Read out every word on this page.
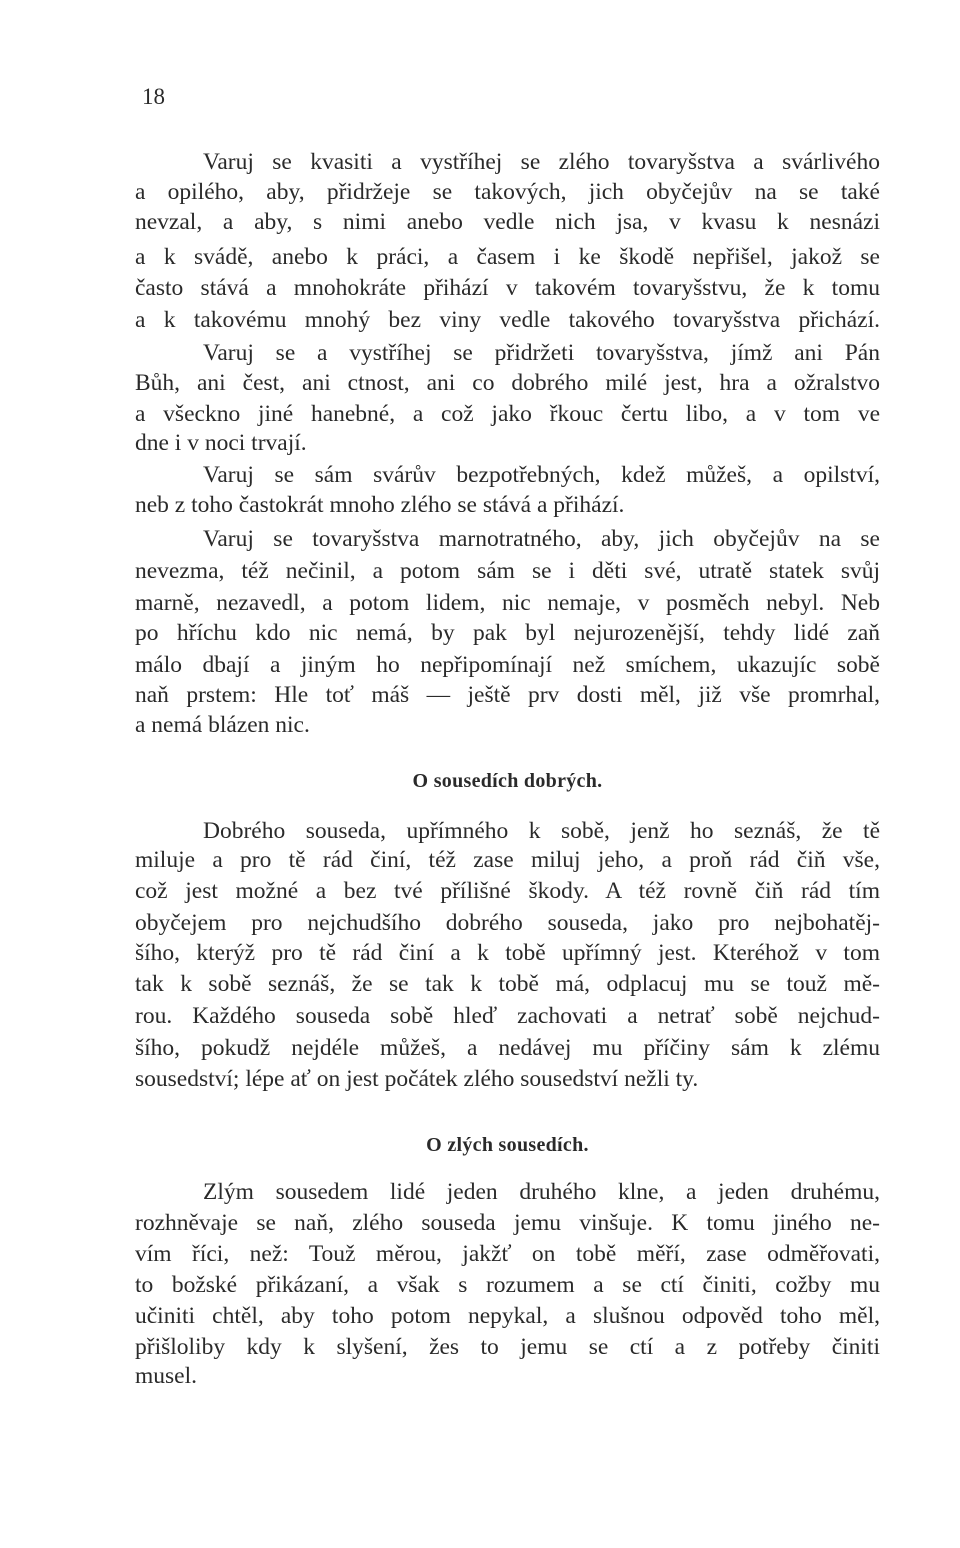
18
Varuj se kvasiti a vystříhej se zlého tovaryšstva a svárlivého
a opilého, aby, přidržeje se takových, jich obyčejův na se také
nevzal, a aby, s nimi anebo vedle nich jsa, v kvasu k nesnázi
a k svádě, anebo k práci, a časem i ke škodě nepřišel, jakož se
často stává a mnohokráte přihází v takovém tovaryšstvu, že k tomu
a k takovému mnohý bez viny vedle takového tovaryšstva přichází.
Varuj se a vystříhej se přidržeti tovaryšstva, jímž ani Pán
Bůh, ani čest, ani ctnost, ani co dobrého milé jest, hra a ožralstvo
a všeckno jiné hanebné, a což jako řkouc čertu libo, a v tom ve
dne i v noci trvají.
Varuj se sám svárův bezpotřebných, kdež můžeš, a opilství,
neb z toho častokrát mnoho zlého se stává a přihází.
Varuj se tovaryšstva marnotratného, aby, jich obyčejův na se
nevezma, též nečinil, a potom sám se i děti své, utratě statek svůj
marně, nezavedl, a potom lidem, nic nemaje, v posměch nebyl. Neb
po hříchu kdo nic nemá, by pak byl nejurozenější, tehdy lidé zaň
málo dbají a jiným ho nepřipomínají než smíchem, ukazujíc sobě
naň prstem: Hle toť máš — ještě prv dosti měl, již vše promrhal,
a nemá blázen nic.
O sousedích dobrých.
Dobrého souseda, upřímného k sobě, jenž ho seznáš, že tě
miluje a pro tě rád činí, též zase miluj jeho, a proň rád čiň vše,
což jest možné a bez tvé přílišné škody. A též rovně čiň rád tím
obyčejem pro nejchudšího dobrého souseda, jako pro nejbohatěj-
šího, kterýž pro tě rád činí a k tobě upřímný jest. Kteréhož v tom
tak k sobě seznáš, že se tak k tobě má, odplacuj mu se touž mě-
rou. Každého souseda sobě hleď zachovati a netrať sobě nejchud-
šího, pokudž nejdéle můžeš, a nedávej mu příčiny sám k zlému
sousedství; lépe ať on jest počátek zlého sousedství nežli ty.
O zlých sousedích.
Zlým sousedem lidé jeden druhého klne, a jeden druhému,
rozhněvaje se naň, zlého souseda jemu vinšuje. K tomu jiného ne-
vím říci, než: Touž měrou, jakžť on tobě měří, zase odměřovati,
to božské přikázaní, a však s rozumem a se ctí činiti, cožby mu
učiniti chtěl, aby toho potom nepykal, a slušnou odpověd toho měl,
přišloliby kdy k slyšení, žes to jemu se ctí a z potřeby činiti
musel.
